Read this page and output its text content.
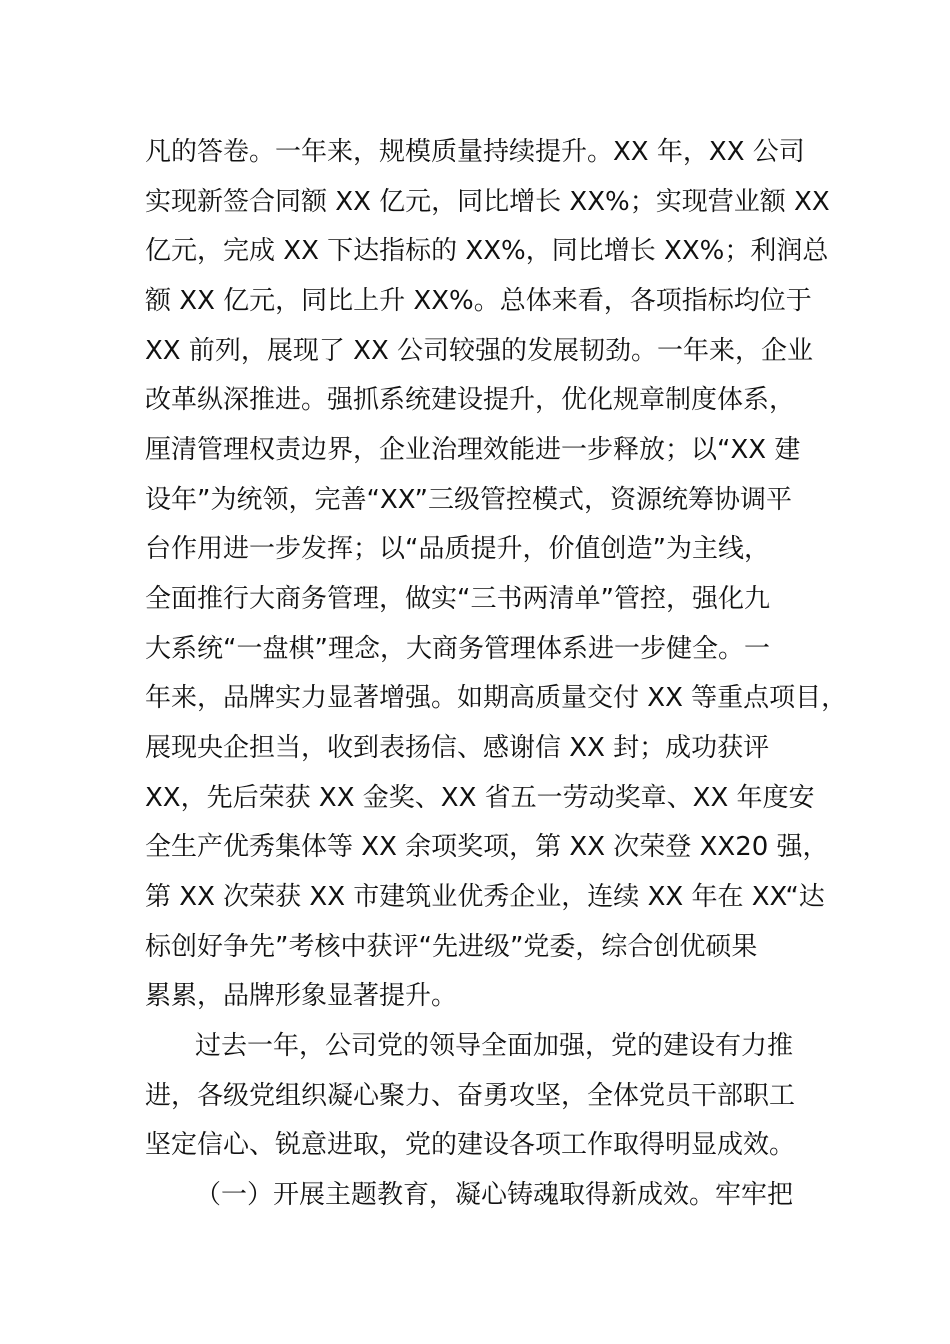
凡的答卷。一年来，规模质量持续提升。XX 年，XX 公司
实现新签合同额 XX 亿元，同比增长 XX%；实现营业额 XX
亿元，完成 XX 下达指标的 XX%，同比增长 XX%；利润总
额 XX 亿元，同比上升 XX%。总体来看，各项指标均位于
XX 前列，展现了 XX 公司较强的发展韧劲。一年来，企业
改革纵深推进。强抓系统建设提升，优化规章制度体系，
厘清管理权责边界，企业治理效能进一步释放；以“XX 建
设年”为统领，完善“XX”三级管控模式，资源统筹协调平
台作用进一步发挥；以“品质提升，价值创造”为主线，
全面推行大商务管理，做实“三书两清单”管控，强化九
大系统“一盘棋”理念，大商务管理体系进一步健全。一
年来，品牌实力显著增强。如期高质量交付 XX 等重点项目，
展现央企担当，收到表扬信、感谢信 XX 封；成功获评
XX，先后荣获 XX 金奖、XX 省五一劳动奖章、XX 年度安
全生产优秀集体等 XX 余项奖项，第 XX 次荣登 XX20 强，
第 XX 次荣获 XX 市建筑业优秀企业，连续 XX 年在 XX“达
标创好争先”考核中获评“先进级”党委，综合创优硕果
累累，品牌形象显著提升。
过去一年，公司党的领导全面加强，党的建设有力推
进，各级党组织凝心聚力、奋勇攻坚，全体党员干部职工
坚定信心、锐意进取，党的建设各项工作取得明显成效。
（一）开展主题教育，凝心铸魂取得新成效。牢牢把
